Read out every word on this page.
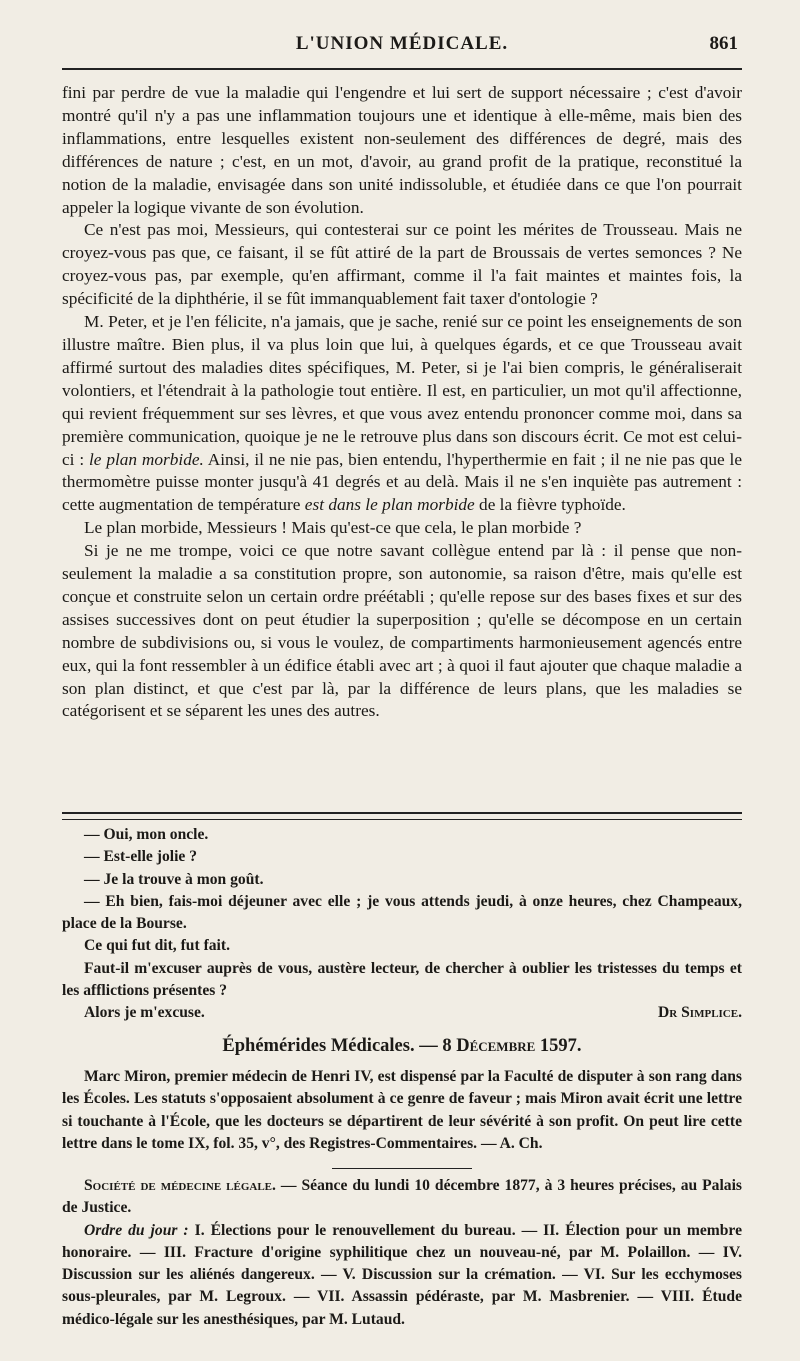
L'UNION MÉDICALE.	861

fini par perdre de vue la maladie qui l'engendre et lui sert de support nécessaire ; c'est d'avoir montré qu'il n'y a pas une inflammation toujours une et identique à elle-même, mais bien des inflammations, entre lesquelles existent non-seulement des différences de degré, mais des différences de nature ; c'est, en un mot, d'avoir, au grand profit de la pratique, reconstitué la notion de la maladie, envisagée dans son unité indissoluble, et étudiée dans ce que l'on pourrait appeler la logique vivante de son évolution.

Ce n'est pas moi, Messieurs, qui contesterai sur ce point les mérites de Trousseau. Mais ne croyez-vous pas que, ce faisant, il se fût attiré de la part de Broussais de vertes semonces ? Ne croyez-vous pas, par exemple, qu'en affirmant, comme il l'a fait maintes et maintes fois, la spécificité de la diphthérie, il se fût immanquablement fait taxer d'ontologie ?

M. Peter, et je l'en félicite, n'a jamais, que je sache, renié sur ce point les enseignements de son illustre maître. Bien plus, il va plus loin que lui, à quelques égards, et ce que Trousseau avait affirmé surtout des maladies dites spécifiques, M. Peter, si je l'ai bien compris, le généraliserait volontiers, et l'étendrait à la pathologie tout entière. Il est, en particulier, un mot qu'il affectionne, qui revient fréquemment sur ses lèvres, et que vous avez entendu prononcer comme moi, dans sa première communication, quoique je ne le retrouve plus dans son discours écrit. Ce mot est celui-ci : le plan morbide. Ainsi, il ne nie pas, bien entendu, l'hyperthermie en fait ; il ne nie pas que le thermomètre puisse monter jusqu'à 41 degrés et au delà. Mais il ne s'en inquiète pas autrement : cette augmentation de température est dans le plan morbide de la fièvre typhoïde.

Le plan morbide, Messieurs ! Mais qu'est-ce que cela, le plan morbide ?

Si je ne me trompe, voici ce que notre savant collègue entend par là : il pense que non-seulement la maladie a sa constitution propre, son autonomie, sa raison d'être, mais qu'elle est conçue et construite selon un certain ordre préétabli ; qu'elle repose sur des bases fixes et sur des assises successives dont on peut étudier la superposition ; qu'elle se décompose en un certain nombre de subdivisions ou, si vous le voulez, de compartiments harmonieusement agencés entre eux, qui la font ressembler à un édifice établi avec art ; à quoi il faut ajouter que chaque maladie a son plan distinct, et que c'est par là, par la différence de leurs plans, que les maladies se catégorisent et se séparent les unes des autres.

— Oui, mon oncle.

— Est-elle jolie ?

— Je la trouve à mon goût.

— Eh bien, fais-moi déjeuner avec elle ; je vous attends jeudi, à onze heures, chez Champeaux, place de la Bourse.

Ce qui fut dit, fut fait.

Faut-il m'excuser auprès de vous, austère lecteur, de chercher à oublier les tristesses du temps et les afflictions présentes ?

Alors je m'excuse.	Dr Simplice.
Éphémérides Médicales. — 8 Décembre 1597.

Marc Miron, premier médecin de Henri IV, est dispensé par la Faculté de disputer à son rang dans les Écoles. Les statuts s'opposaient absolument à ce genre de faveur ; mais Miron avait écrit une lettre si touchante à l'École, que les docteurs se départirent de leur sévérité à son profit. On peut lire cette lettre dans le tome IX, fol. 35, v°, des Registres-Commentaires. — A. Ch.

Société de médecine légale. — Séance du lundi 10 décembre 1877, à 3 heures précises, au Palais de Justice.

Ordre du jour : I. Élections pour le renouvellement du bureau. — II. Élection pour un membre honoraire. — III. Fracture d'origine syphilitique chez un nouveau-né, par M. Polaillon. — IV. Discussion sur les aliénés dangereux. — V. Discussion sur la crémation. — VI. Sur les ecchymoses sous-pleurales, par M. Legroux. — VII. Assassin pédéraste, par M. Masbrenier. — VIII. Étude médico-légale sur les anesthésiques, par M. Lutaud.
